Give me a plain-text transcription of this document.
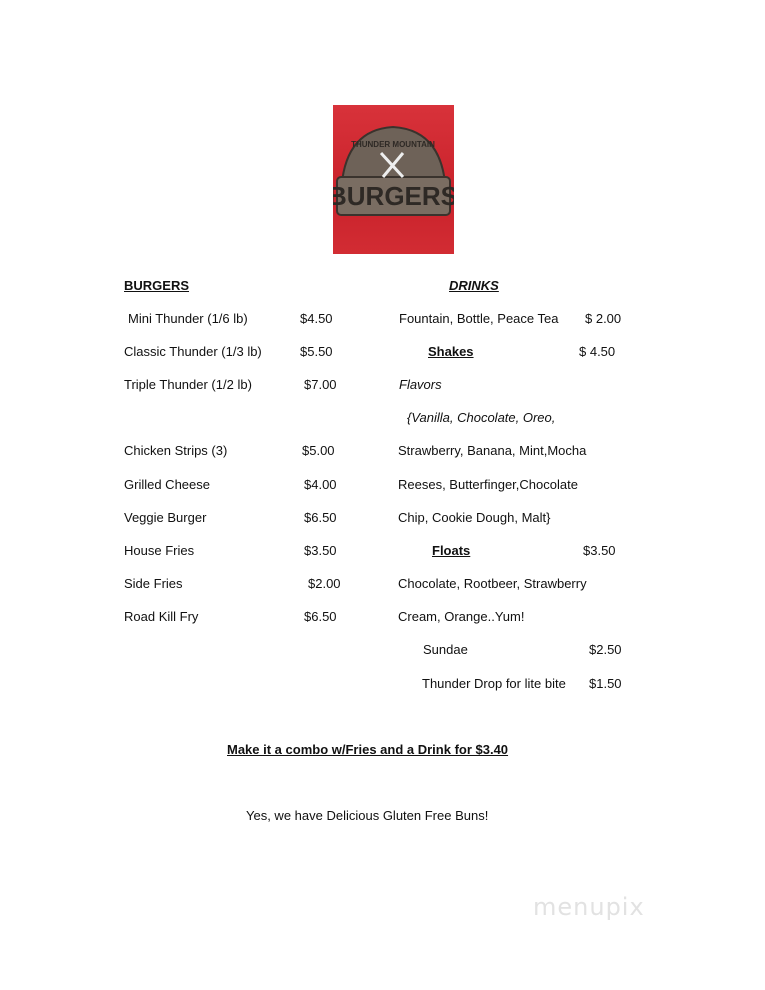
BURGERS
THUNDER MOUNTAIN
BURGERS	DRINKS
Mini Thunder (1/6 lb)	$4.50
Classic Thunder (1/3 lb)	$5.50
Triple Thunder (1/2 lb)	$7.00
Chicken Strips (3)	$5.00
Grilled Cheese	$4.00
Veggie Burger	$6.50
House Fries	$3.50
Side Fries	$2.00
Road Kill Fry	$6.50
Fountain, Bottle, Peace Tea $ 2.00
Shakes	$ 4.50
Flavors
{Vanilla, Chocolate, Oreo,
Strawberry, Banana, Mint,Mocha
Reeses, Butterfinger,Chocolate
Chip, Cookie Dough, Malt}
Floats	$3.50
Chocolate, Rootbeer, Strawberry
Cream, Orange..Yum!
Sundae	$2.50
Thunder Drop for lite bite $1.50
Make it a combo w/Fries and a Drink for $3.40
Yes, we have Delicious Gluten Free Buns!
menupix
